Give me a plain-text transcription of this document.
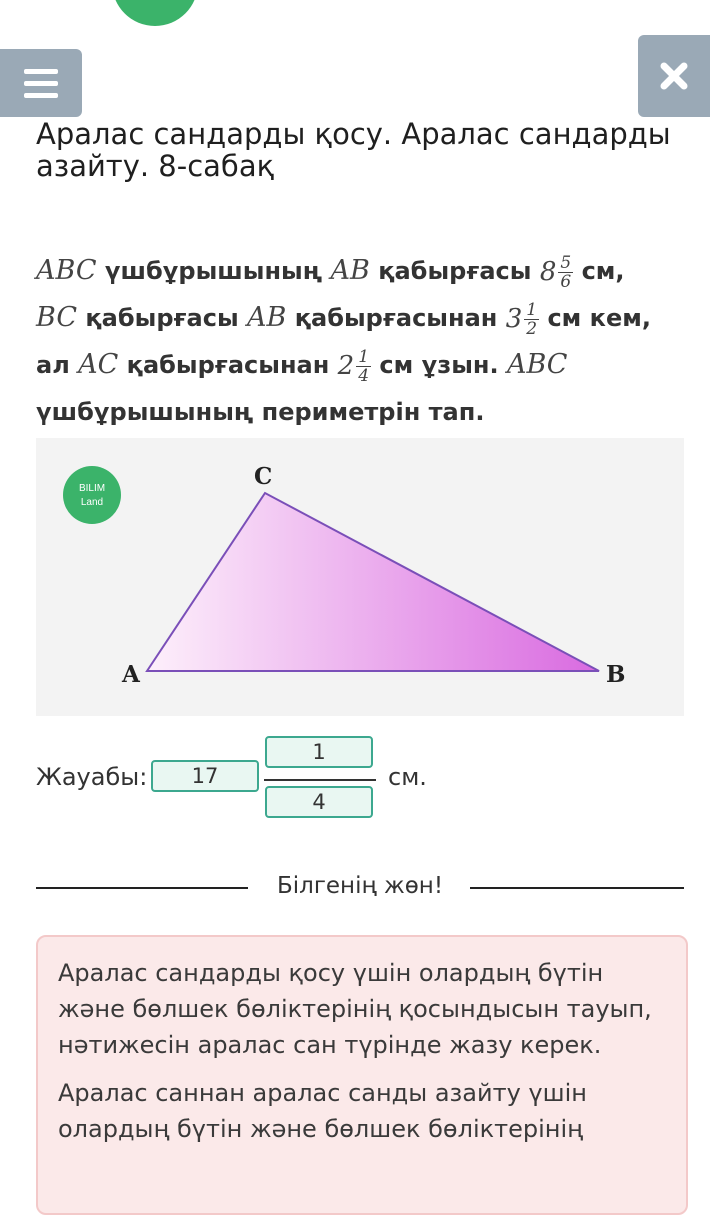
Аралас сандарды қосу. Аралас сандарды азайту. 8-сабақ
ABC үшбұрышының AB қабырғасы 8 5
6 см,
BC қабырғасы AB қабырғасынан 3 1
2 см кем,
ал AC қабырғасынан 2 1
4 см ұзын. ABC
үшбұрышының периметрін тап.
BILIM
Land
A	B
C
Жауабы:	17
1
4
см.
Білгенің жөн!

Аралас сандарды қосу үшін олардың бүтін және бөлшек бөліктерінің қосындысын тауып, нәтижесін аралас сан түрінде жазу керек.

Аралас саннан аралас санды азайту үшін олардың бүтін және бөлшек бөліктерінің
